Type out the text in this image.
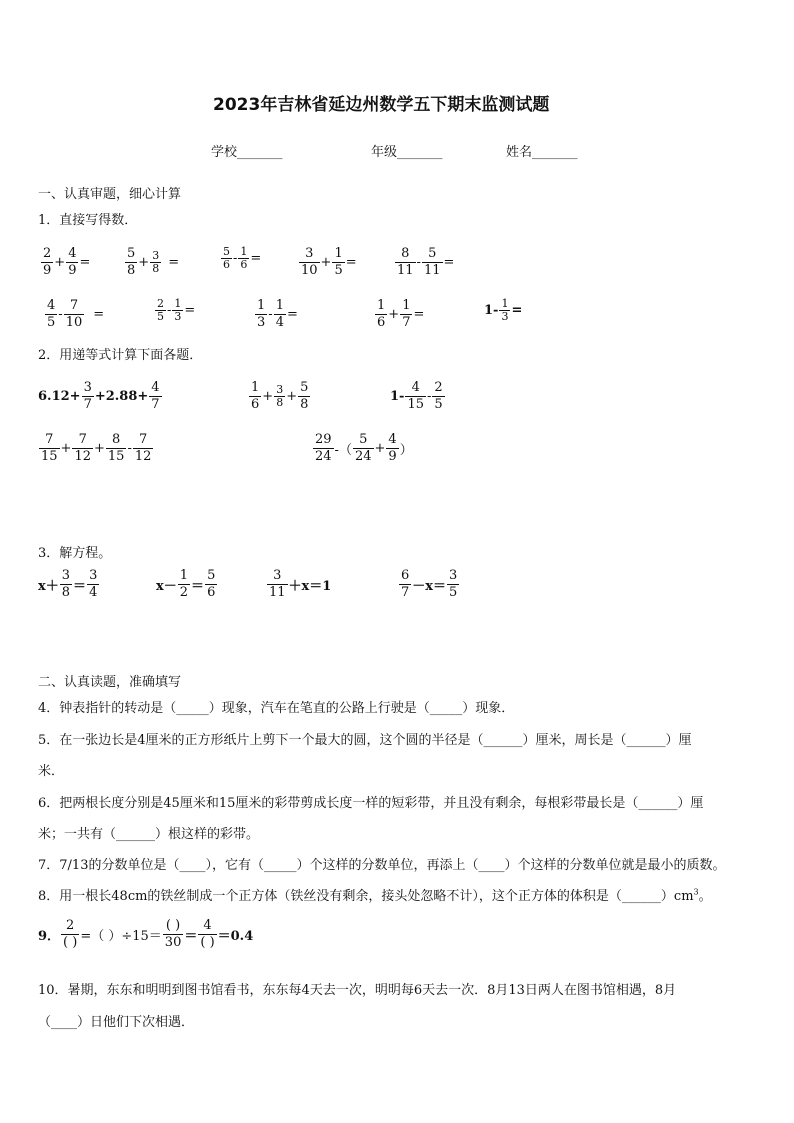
2023年吉林省延边州数学五下期末监测试题
学校_______	年级_______	姓名_______
一、认真审题，细心计算
1．直接写得数．
$\frac{2}{9} + \frac{4}{9}$ =	$\frac{5}{8} + \frac{3}{8}$ =	$\frac{5}{6} - \frac{1}{6}$ =	$\frac{3}{10} + \frac{1}{5}$ =	$\frac{8}{11} - \frac{5}{11}$ =
$\frac{4}{5} - \frac{7}{10}$ =	$\frac{2}{5} - \frac{1}{3}$ =	$\frac{1}{3} - \frac{1}{4}$ =	$\frac{1}{6} + \frac{1}{7}$ =	$1- \frac{1}{3}$ =
2．用递等式计算下面各题．
$6.12+ \frac{3}{7} +2.88+ \frac{4}{7}$	$\frac{1}{6} + \frac{3}{8} + \frac{5}{8}$	$1- \frac{4}{15} - \frac{2}{5}$
$\frac{7}{15} + \frac{7}{12} + \frac{8}{15} - \frac{7}{12}$	$\frac{29}{24}$ -（ $\frac{5}{24} + \frac{4}{9}$ ）
3．解方程。
$x+ \frac{3}{8} = \frac{3}{4}$	$x- \frac{1}{2} = \frac{5}{6}$	$\frac{3}{11} +x=1$	$\frac{6}{7} -x= \frac{3}{5}$
二、认真读题，准确填写
4．钟表指针的转动是（_____）现象，汽车在笔直的公路上行驶是（_____）现象．
5．在一张边长是4厘米的正方形纸片上剪下一个最大的圆，这个圆的半径是（______）厘米，周长是（______）厘
米．
6．把两根长度分别是45厘米和15厘米的彩带剪成长度一样的短彩带，并且没有剩余，每根彩带最长是（______）厘
米；一共有（______）根这样的彩带。
7．7/13的分数单位是（____），它有（_____）个这样的分数单位，再添上（____）个这样的分数单位就是最小的质数。
8．用一根长48cm的铁丝制成一个正方体（铁丝没有剩余，接头处忽略不计），这个正方体的体积是$(\_\_\_\_\_\_)cm^3$。
9． $\frac{2}{( )}$ =（ ）$\div 15= \frac{( )}{30} = \frac{4}{( )} =0.4$
10．暑期，东东和明明到图书馆看书，东东每4天去一次，明明每6天去一次．8月13日两人在图书馆相遇，8月
（____）日他们下次相遇．
